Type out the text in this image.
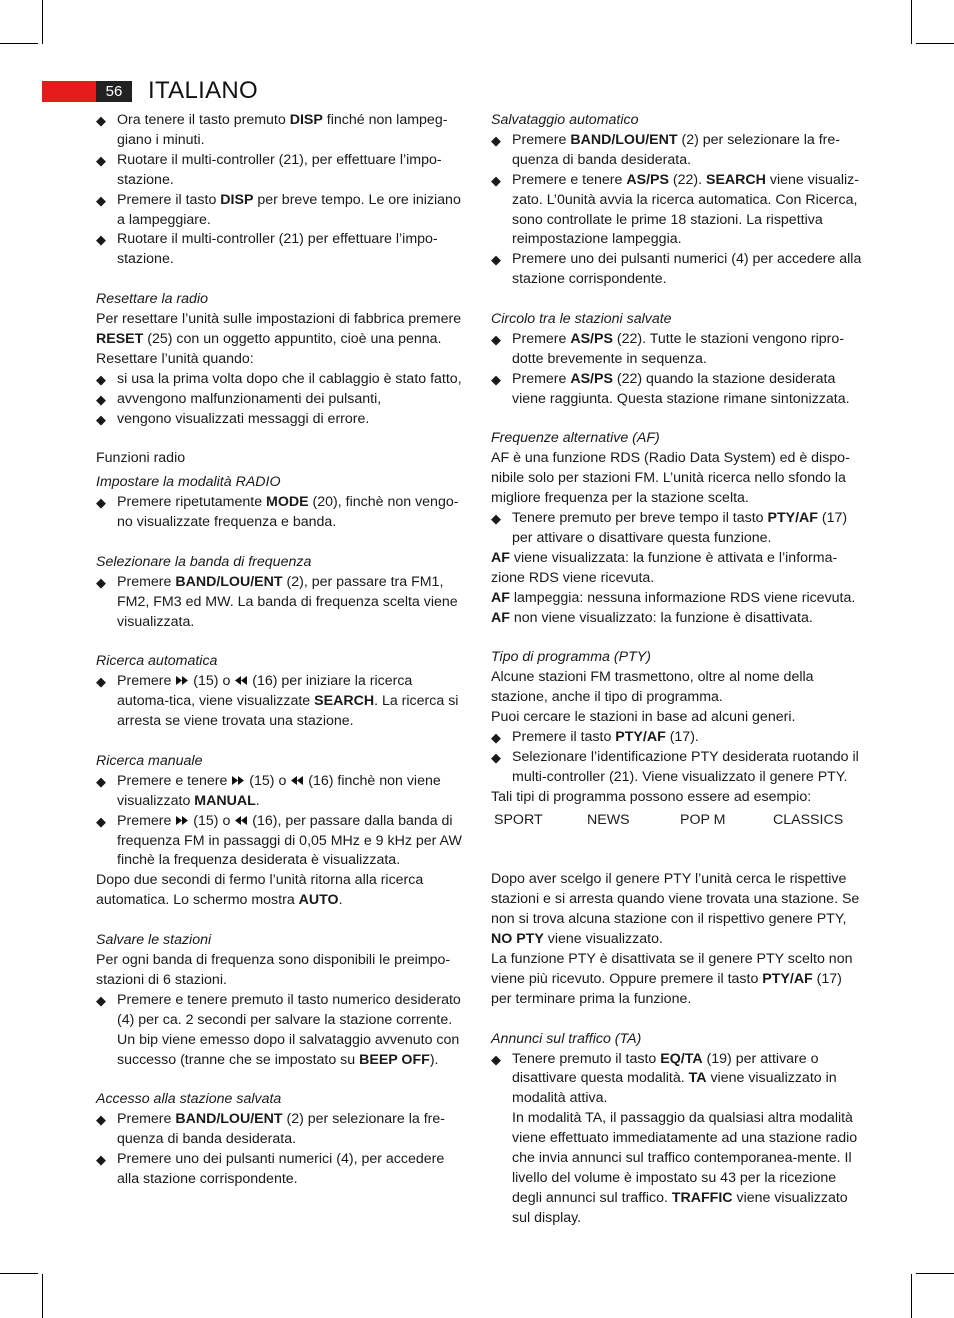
56	ITALIANO

◆ Ora tenere il tasto premuto DISP finché non lampeg-giano i minuti.

◆ Ruotare il multi-controller (21), per effettuare l’impo-stazione.

◆ Premere il tasto DISP per breve tempo. Le ore iniziano a lampeggiare.

◆ Ruotare il multi-controller (21) per effettuare l’impo-stazione.

Resettare la radio

Per resettare l’unità sulle impostazioni di fabbrica premere RESET (25) con un oggetto appuntito, cioè una penna.

Resettare l’unità quando:

◆ si usa la prima volta dopo che il cablaggio è stato fatto,

◆ avvengono malfunzionamenti dei pulsanti,

◆ vengono visualizzati messaggi di errore.

Funzioni radio

Impostare la modalità RADIO

◆ Premere ripetutamente MODE (20), finchè non vengo-no visualizzate frequenza e banda.

Selezionare la banda di frequenza

◆ Premere BAND/LOU/ENT (2), per passare tra FM1, FM2, FM3 ed MW. La banda di frequenza scelta viene visualizzata.

Ricerca automatica

◆ Premere  (15) o  (16) per iniziare la ricerca automa-tica, viene visualizzate SEARCH. La ricerca si arresta se viene trovata una stazione.

Ricerca manuale

◆ Premere e tenere  (15) o  (16) finchè non viene visualizzato MANUAL.

◆ Premere  (15) o  (16), per passare dalla banda di frequenza FM in passaggi di 0,05 MHz e 9 kHz per AW finchè la frequenza desiderata è visualizzata.

Dopo due secondi di fermo l’unità ritorna alla ricerca automatica. Lo schermo mostra AUTO.

Salvare le stazioni

Per ogni banda di frequenza sono disponibili le preimpo-stazioni di 6 stazioni.

◆ Premere e tenere premuto il tasto numerico desiderato (4) per ca. 2 secondi per salvare la stazione corrente. Un bip viene emesso dopo il salvataggio avvenuto con successo (tranne che se impostato su BEEP OFF).

Accesso alla stazione salvata

◆ Premere BAND/LOU/ENT (2) per selezionare la fre-quenza di banda desiderata.

◆ Premere uno dei pulsanti numerici (4), per accedere alla stazione corrispondente.

Salvataggio automatico

◆ Premere BAND/LOU/ENT (2) per selezionare la fre-quenza di banda desiderata.

◆ Premere e tenere AS/PS (22). SEARCH viene visualiz-zato. L’0unità avvia la ricerca automatica. Con Ricerca, sono controllate le prime 18 stazioni. La rispettiva reimpostazione lampeggia.

◆ Premere uno dei pulsanti numerici (4) per accedere alla stazione corrispondente.

Circolo tra le stazioni salvate

◆ Premere AS/PS (22). Tutte le stazioni vengono ripro-dotte brevemente in sequenza.

◆ Premere AS/PS (22) quando la stazione desiderata viene raggiunta. Questa stazione rimane sintonizzata.

Frequenze alternative (AF)

AF è una funzione RDS (Radio Data System) ed è dispo-nibile solo per stazioni FM. L’unità ricerca nello sfondo la migliore frequenza per la stazione scelta.

◆ Tenere premuto per breve tempo il tasto PTY/AF (17) per attivare o disattivare questa funzione.

AF viene visualizzata: la funzione è attivata e l’informa-zione RDS viene ricevuta.

AF lampeggia: nessuna informazione RDS viene ricevuta.

AF non viene visualizzato: la funzione è disattivata.

Tipo di programma (PTY)

Alcune stazioni FM trasmettono, oltre al nome della stazione, anche il tipo di programma.

Puoi cercare le stazioni in base ad alcuni generi.

◆ Premere il tasto PTY/AF (17).

◆ Selezionare l’identificazione PTY desiderata ruotando il multi-controller (21). Viene visualizzato il genere PTY.

Tali tipi di programma possono essere ad esempio:

SPORT	NEWS	POP M	CLASSICS

Dopo aver scelgo il genere PTY l’unità cerca le rispettive stazioni e si arresta quando viene trovata una stazione. Se non si trova alcuna stazione con il rispettivo genere PTY, NO PTY viene visualizzato.

La funzione PTY è disattivata se il genere PTY scelto non viene più ricevuto. Oppure premere il tasto PTY/AF (17) per terminare prima la funzione.

Annunci sul traffico (TA)

◆ Tenere premuto il tasto EQ/TA (19) per attivare o disattivare questa modalità. TA viene visualizzato in modalità attiva.

In modalità TA, il passaggio da qualsiasi altra modalità viene effettuato immediatamente ad una stazione radio che invia annunci sul traffico contemporanea-mente. Il livello del volume è impostato su 43 per la ricezione degli annunci sul traffico. TRAFFIC viene visualizzato sul display.
